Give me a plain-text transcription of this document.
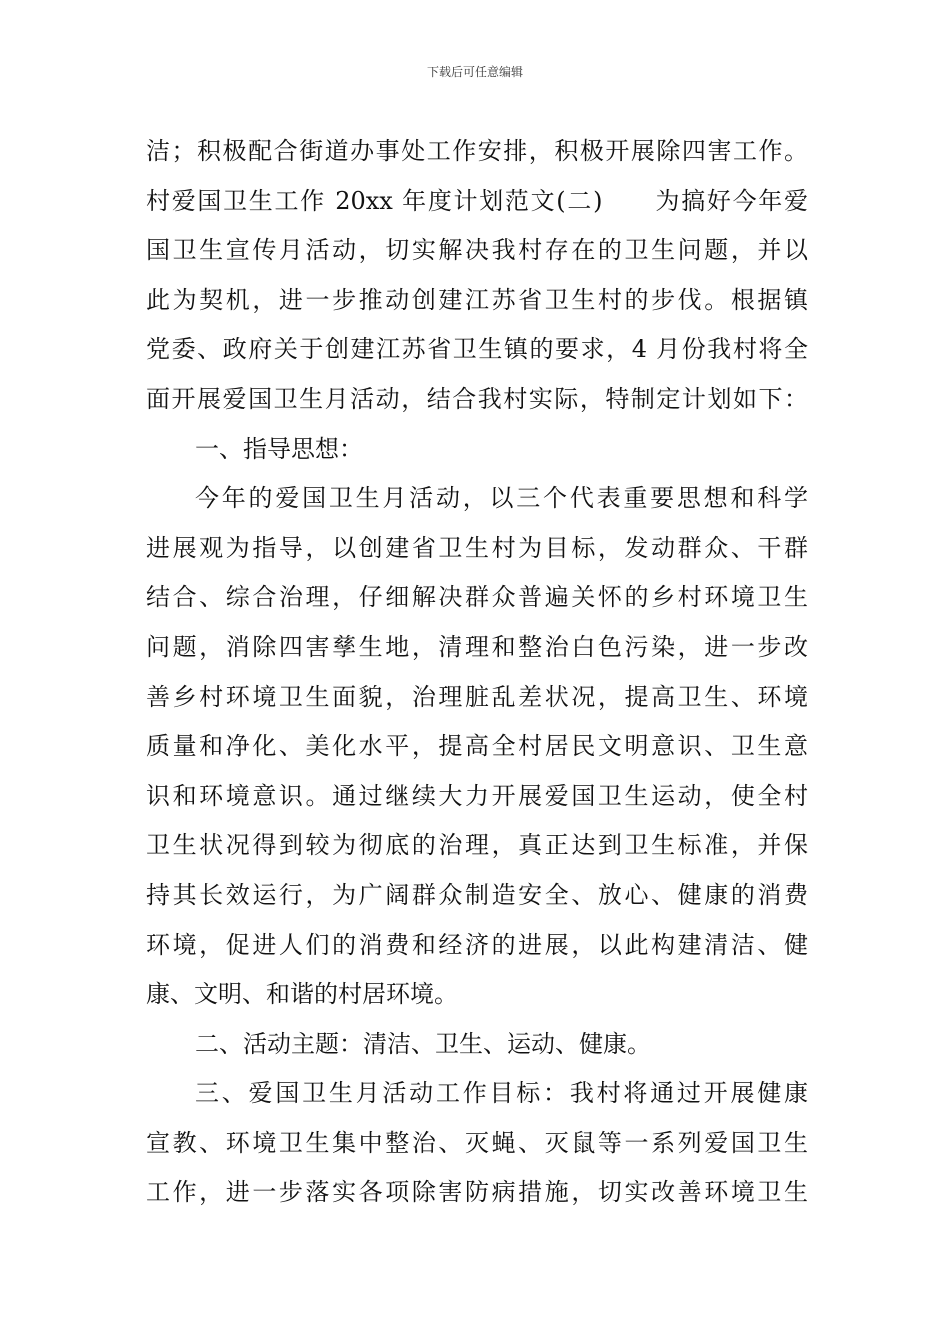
下载后可任意编辑
洁；积极配合街道办事处工作安排，积极开展除四害工作。
村爱国卫生工作 20xx 年度计划范文(二)　　为搞好今年爱
国卫生宣传月活动，切实解决我村存在的卫生问题，并以
此为契机，进一步推动创建江苏省卫生村的步伐。根据镇
党委、政府关于创建江苏省卫生镇的要求，4 月份我村将全
面开展爱国卫生月活动，结合我村实际，特制定计划如下：
一、指导思想：
今年的爱国卫生月活动，以三个代表重要思想和科学
进展观为指导，以创建省卫生村为目标，发动群众、干群
结合、综合治理，仔细解决群众普遍关怀的乡村环境卫生
问题，消除四害孳生地，清理和整治白色污染，进一步改
善乡村环境卫生面貌，治理脏乱差状况，提高卫生、环境
质量和净化、美化水平，提高全村居民文明意识、卫生意
识和环境意识。通过继续大力开展爱国卫生运动，使全村
卫生状况得到较为彻底的治理，真正达到卫生标准，并保
持其长效运行，为广阔群众制造安全、放心、健康的消费
环境，促进人们的消费和经济的进展，以此构建清洁、健
康、文明、和谐的村居环境。
二、活动主题：清洁、卫生、运动、健康。
三、爱国卫生月活动工作目标：我村将通过开展健康
宣教、环境卫生集中整治、灭蝇、灭鼠等一系列爱国卫生
工作，进一步落实各项除害防病措施，切实改善环境卫生
